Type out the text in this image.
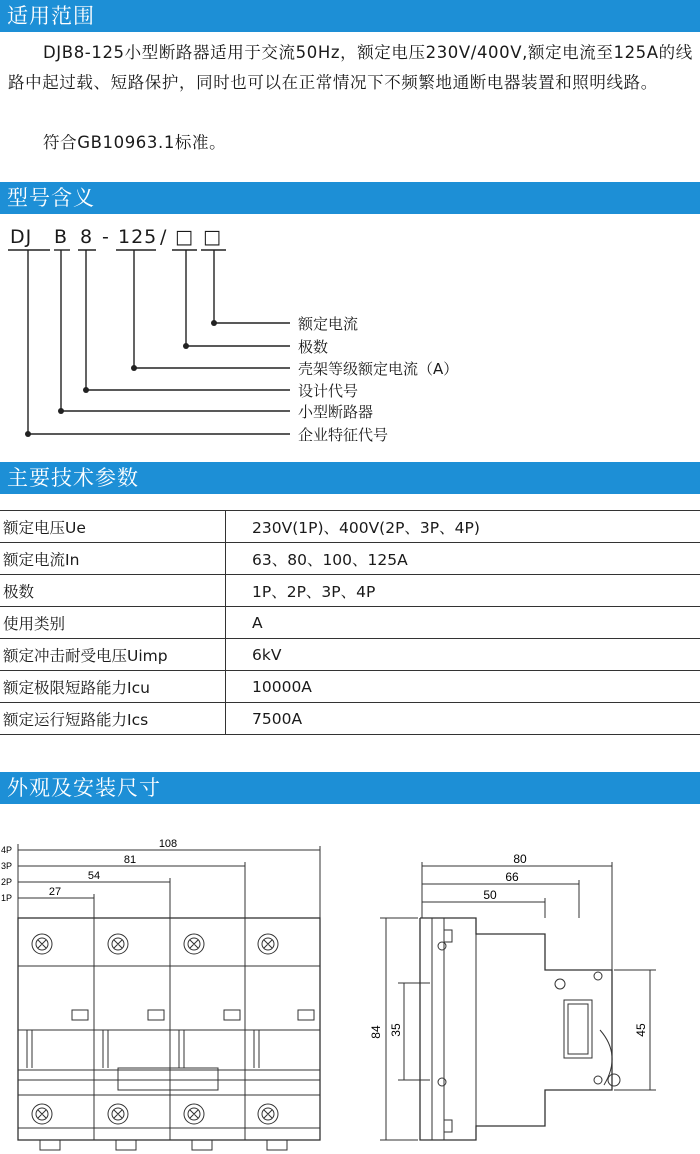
适用范围
DJB8-125小型断路器适用于交流50Hz，额定电压230V/400V,额定电流至125A的线路中起过载、短路保护，同时也可以在正常情况下不频繁地通断电器装置和照明线路。
符合GB10963.1标准。
型号含义
DJ B 8 - 125 / □ □
额定电流
极数
壳架等级额定电流（A）
设计代号
小型断路器
企业特征代号
主要技术参数
额定电压Ue	230V(1P)、400V(2P、3P、4P)
额定电流In	63、80、100、125A
极数	1P、2P、3P、4P
使用类别	A
额定冲击耐受电压Uimp	6kV
额定极限短路能力Icu	10000A
额定运行短路能力Ics	7500A
外观及安装尺寸
108
81
54
27
4P
3P
2P
1P
80
66
50
84 35	45
